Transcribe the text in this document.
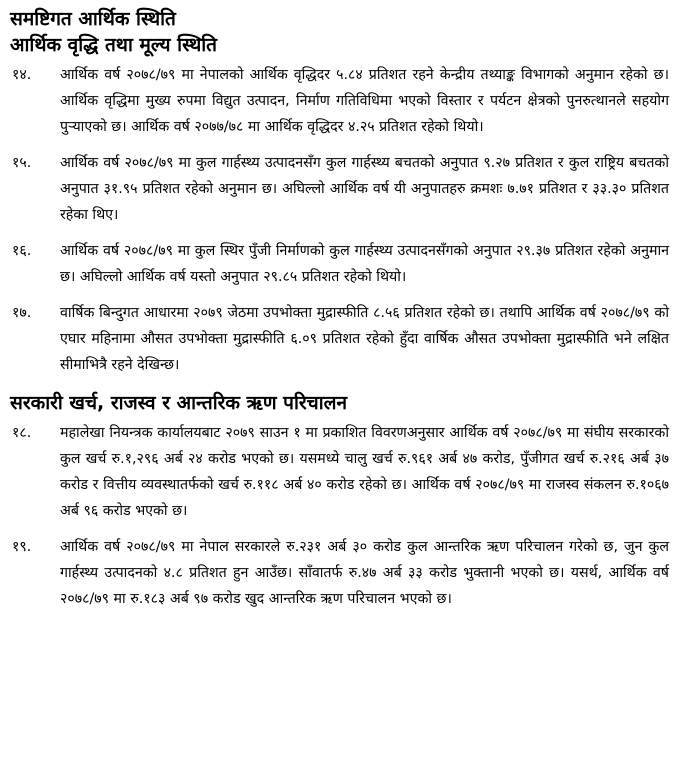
समष्टिगत आर्थिक स्थिति
आर्थिक वृद्धि तथा मूल्य स्थिति
१४.	आर्थिक वर्ष २०७८/७९ मा नेपालको आर्थिक वृद्धिदर ५.८४ प्रतिशत रहने केन्द्रीय तथ्याङ्क विभागको अनुमान रहेको छ। आर्थिक वृद्धिमा मुख्य रुपमा विद्युत उत्पादन, निर्माण गतिविधिमा भएको विस्तार र पर्यटन क्षेत्रको पुनरुत्थानले सहयोग पुऱ्याएको छ। आर्थिक वर्ष २०७७/७८ मा आर्थिक वृद्धिदर ४.२५ प्रतिशत रहेको थियो।
१५.	आर्थिक वर्ष २०७८/७९ मा कुल गार्हस्थ्य उत्पादनसँग कुल गार्हस्थ्य बचतको अनुपात ९.२७ प्रतिशत र कुल राष्ट्रिय बचतको अनुपात ३१.९५ प्रतिशत रहेको अनुमान छ। अघिल्लो आर्थिक वर्ष यी अनुपातहरु क्रमशः ७.७१ प्रतिशत र ३३.३० प्रतिशत रहेका थिए।
१६.	आर्थिक वर्ष २०७८/७९ मा कुल स्थिर पुँजी निर्माणको कुल गार्हस्थ्य उत्पादनसँगको अनुपात २९.३७ प्रतिशत रहेको अनुमान छ। अघिल्लो आर्थिक वर्ष यस्तो अनुपात २९.८५ प्रतिशत रहेको थियो।
१७.	वार्षिक बिन्दुगत आधारमा २०७९ जेठमा उपभोक्ता मुद्रास्फीति ८.५६ प्रतिशत रहेको छ। तथापि आर्थिक वर्ष २०७८/७९ को एघार महिनामा औसत उपभोक्ता मुद्रास्फीति ६.०९ प्रतिशत रहेको हुँदा वार्षिक औसत उपभोक्ता मुद्रास्फीति भने लक्षित सीमाभित्रै रहने देखिन्छ।
सरकारी खर्च, राजस्व र आन्तरिक ऋण परिचालन
१८.	महालेखा नियन्त्रक कार्यालयबाट २०७९ साउन १ मा प्रकाशित विवरणअनुसार आर्थिक वर्ष २०७८/७९ मा संघीय सरकारको कुल खर्च रु.१,२९६ अर्ब २४ करोड भएको छ। यसमध्ये चालु खर्च रु.९६१ अर्ब ४७ करोड, पुँजीगत खर्च रु.२१६ अर्ब ३७ करोड र वित्तीय व्यवस्थातर्फको खर्च रु.११८ अर्ब ४० करोड रहेको छ। आर्थिक वर्ष २०७८/७९ मा राजस्व संकलन रु.१०६७ अर्ब ९६ करोड भएको छ।
१९.	आर्थिक वर्ष २०७८/७९ मा नेपाल सरकारले रु.२३१ अर्ब ३० करोड कुल आन्तरिक ऋण परिचालन गरेको छ, जुन कुल गार्हस्थ्य उत्पादनको ४.८ प्रतिशत हुन आउँछ। साँवातर्फ रु.४७ अर्ब ३३ करोड भुक्तानी भएको छ। यसर्थ, आर्थिक वर्ष २०७८/७९ मा रु.१८३ अर्ब ९७ करोड खुद आन्तरिक ऋण परिचालन भएको छ।
